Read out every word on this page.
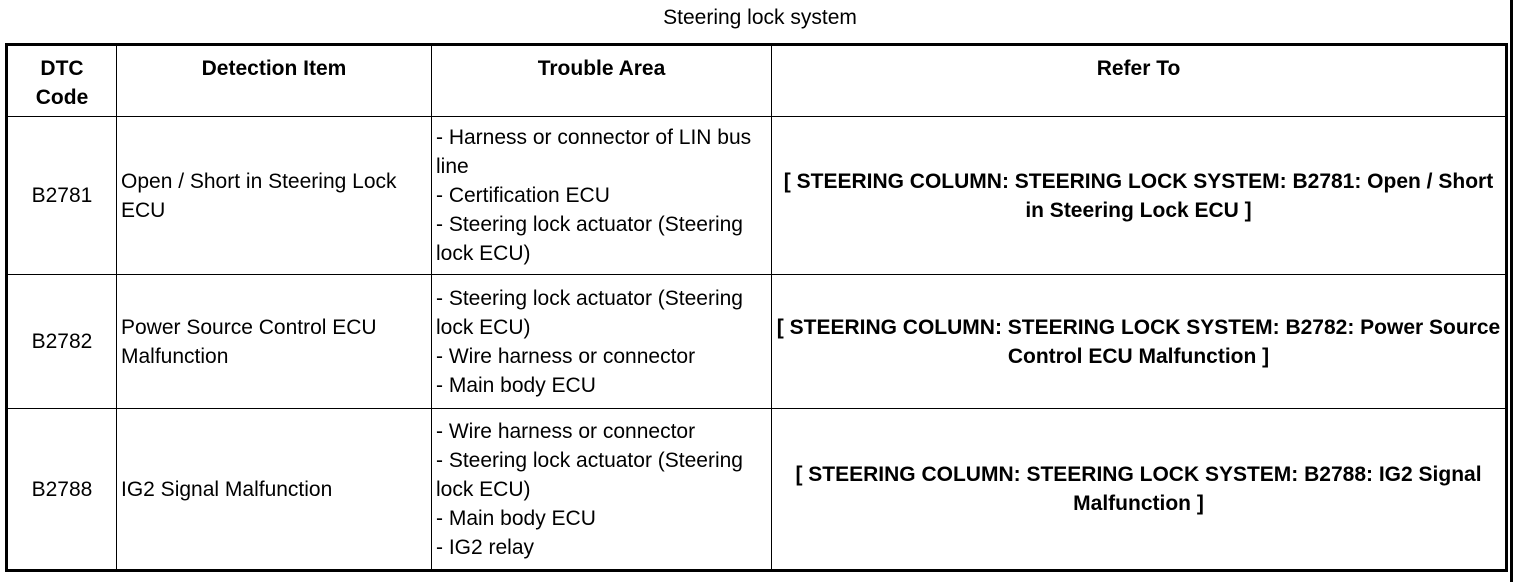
Steering lock system
DTC Code	Detection Item	Trouble Area	Refer To
B2781	Open / Short in Steering Lock ECU	- Harness or connector of LIN bus line
- Certification ECU
- Steering lock actuator (Steering lock ECU)	[ STEERING COLUMN: STEERING LOCK SYSTEM: B2781: Open / Short in Steering Lock ECU ]
B2782	Power Source Control ECU Malfunction	- Steering lock actuator (Steering lock ECU)
- Wire harness or connector
- Main body ECU	[ STEERING COLUMN: STEERING LOCK SYSTEM: B2782: Power Source Control ECU Malfunction ]
B2788	IG2 Signal Malfunction	- Wire harness or connector
- Steering lock actuator (Steering lock ECU)
- Main body ECU
- IG2 relay	[ STEERING COLUMN: STEERING LOCK SYSTEM: B2788: IG2 Signal Malfunction ]
